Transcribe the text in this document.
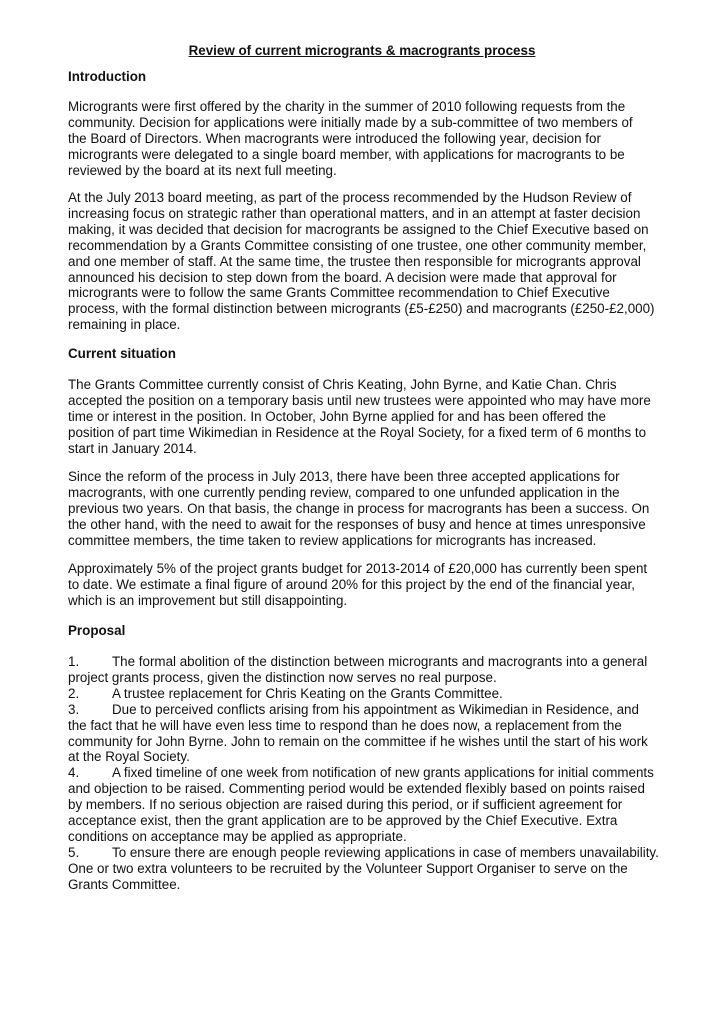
Review of current microgrants & macrogrants process
Introduction
Microgrants were first offered by the charity in the summer of 2010 following requests from the
community. Decision for applications were initially made by a sub-committee of two members of
the Board of Directors. When macrogrants were introduced the following year, decision for
microgrants were delegated to a single board member, with applications for macrogrants to be
reviewed by the board at its next full meeting.
At the July 2013 board meeting, as part of the process recommended by the Hudson Review of
increasing focus on strategic rather than operational matters, and in an attempt at faster decision
making, it was decided that decision for macrogrants be assigned to the Chief Executive based on
recommendation by a Grants Committee consisting of one trustee, one other community member,
and one member of staff. At the same time, the trustee then responsible for microgrants approval
announced his decision to step down from the board. A decision were made that approval for
microgrants were to follow the same Grants Committee recommendation to Chief Executive
process, with the formal distinction between microgrants (£5-£250) and macrogrants (£250-£2,000)
remaining in place.
Current situation
The Grants Committee currently consist of Chris Keating, John Byrne, and Katie Chan. Chris
accepted the position on a temporary basis until new trustees were appointed who may have more
time or interest in the position. In October, John Byrne applied for and has been offered the
position of part time Wikimedian in Residence at the Royal Society, for a fixed term of 6 months to
start in January 2014.
Since the reform of the process in July 2013, there have been three accepted applications for
macrogrants, with one currently pending review, compared to one unfunded application in the
previous two years. On that basis, the change in process for macrogrants has been a success. On
the other hand, with the need to await for the responses of busy and hence at times unresponsive
committee members, the time taken to review applications for microgrants has increased.
Approximately 5% of the project grants budget for 2013-2014 of £20,000 has currently been spent
to date. We estimate a final figure of around 20% for this project by the end of the financial year,
which is an improvement but still disappointing.
Proposal
1. The formal abolition of the distinction between microgrants and macrogrants into a general
project grants process, given the distinction now serves no real purpose.
2. A trustee replacement for Chris Keating on the Grants Committee.
3. Due to perceived conflicts arising from his appointment as Wikimedian in Residence, and
the fact that he will have even less time to respond than he does now, a replacement from the
community for John Byrne. John to remain on the committee if he wishes until the start of his work
at the Royal Society.
4. A fixed timeline of one week from notification of new grants applications for initial comments
and objection to be raised. Commenting period would be extended flexibly based on points raised
by members. If no serious objection are raised during this period, or if sufficient agreement for
acceptance exist, then the grant application are to be approved by the Chief Executive. Extra
conditions on acceptance may be applied as appropriate.
5. To ensure there are enough people reviewing applications in case of members unavailability.
One or two extra volunteers to be recruited by the Volunteer Support Organiser to serve on the
Grants Committee.
